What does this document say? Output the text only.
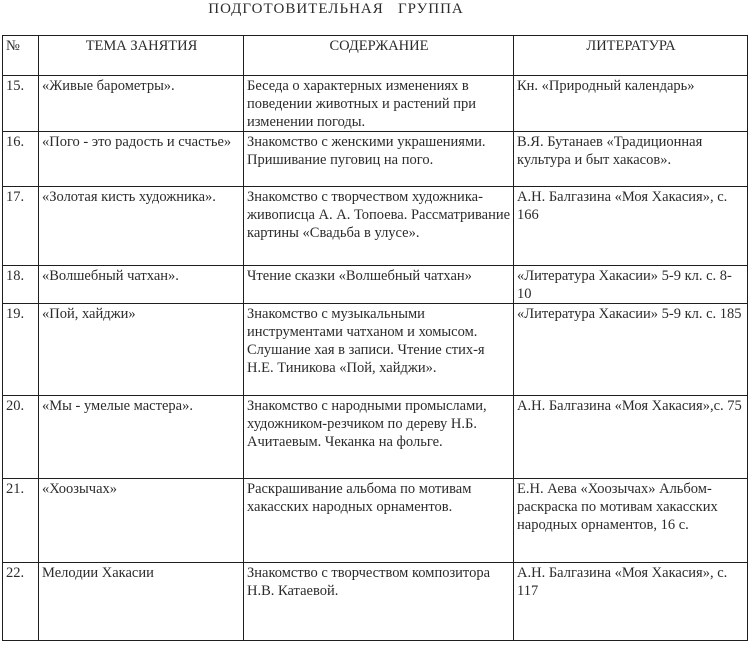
ПОДГОТОВИТЕЛЬНАЯ   ГРУППА
№	ТЕМА ЗАНЯТИЯ	СОДЕРЖАНИЕ	ЛИТЕРАТУРА
15.	«Живые барометры».	Беседа о характерных изменениях в поведении животных и растений при изменении погоды.	Кн. «Природный календарь»
16.	«Пого - это радость и счастье»	Знакомство с женскими украшениями. Пришивание пуговиц на пого.	В.Я. Бутанаев «Традиционная культура и быт хакасов».
17.	«Золотая кисть художника».	Знакомство с творчеством художника-живописца А. А. Топоева. Рассматривание картины «Свадьба в улусе».	А.Н. Балгазина «Моя Хакасия», с. 166
18.	«Волшебный чатхан».	Чтение сказки «Волшебный чатхан»	«Литература Хакасии» 5-9 кл. с. 8-10
19.	«Пой, хайджи»	Знакомство с музыкальными инструментами чатханом и хомысом. Слушание хая в записи. Чтение стих-я Н.Е. Тиникова «Пой, хайджи».	«Литература Хакасии» 5-9 кл. с. 185
20.	«Мы - умелые мастера».	Знакомство с народными промыслами, художником-резчиком по дереву Н.Б. Ачитаевым. Чеканка на фольге.	А.Н. Балгазина «Моя Хакасия»,с. 75
21.	«Хоозычах»	Раскрашивание альбома по мотивам хакасских народных орнаментов.	Е.Н. Аева «Хоозычах» Альбом-раскраска по мотивам хакасских народных орнаментов, 16 с.
22.	Мелодии Хакасии	Знакомство с творчеством композитора Н.В. Катаевой.	А.Н. Балгазина «Моя Хакасия», с. 117
